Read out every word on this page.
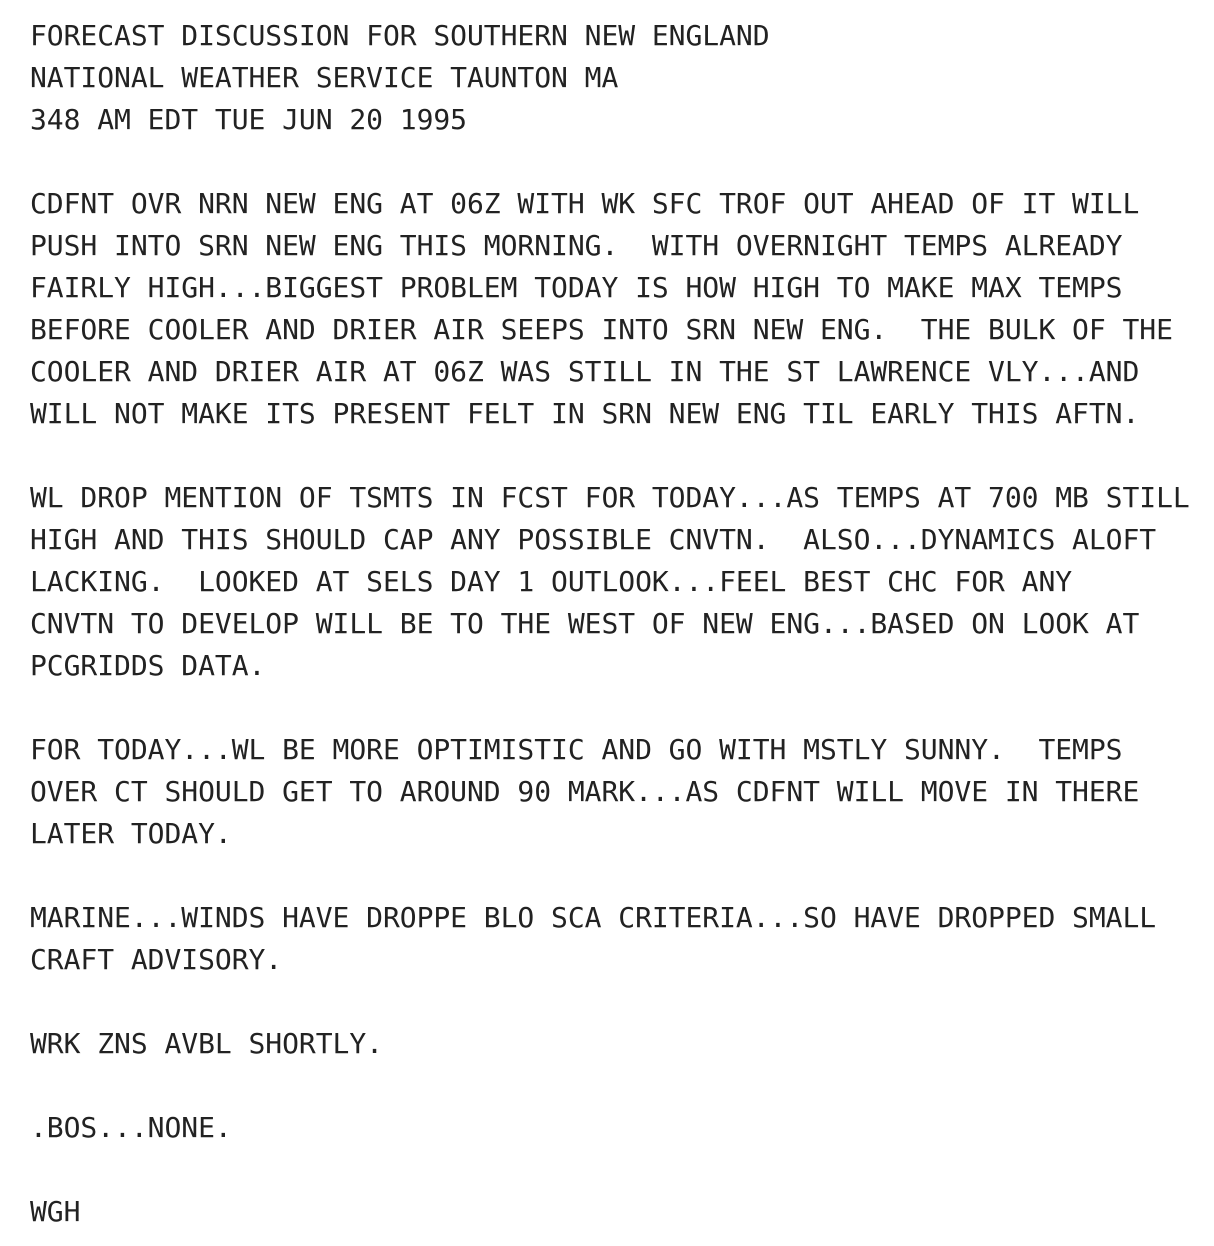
FORECAST DISCUSSION FOR SOUTHERN NEW ENGLAND
NATIONAL WEATHER SERVICE TAUNTON MA
348 AM EDT TUE JUN 20 1995
CDFNT OVR NRN NEW ENG AT 06Z WITH WK SFC TROF OUT AHEAD OF IT WILL
PUSH INTO SRN NEW ENG THIS MORNING.  WITH OVERNIGHT TEMPS ALREADY
FAIRLY HIGH...BIGGEST PROBLEM TODAY IS HOW HIGH TO MAKE MAX TEMPS
BEFORE COOLER AND DRIER AIR SEEPS INTO SRN NEW ENG.  THE BULK OF THE
COOLER AND DRIER AIR AT 06Z WAS STILL IN THE ST LAWRENCE VLY...AND
WILL NOT MAKE ITS PRESENT FELT IN SRN NEW ENG TIL EARLY THIS AFTN.
WL DROP MENTION OF TSMTS IN FCST FOR TODAY...AS TEMPS AT 700 MB STILL
HIGH AND THIS SHOULD CAP ANY POSSIBLE CNVTN.  ALSO...DYNAMICS ALOFT
LACKING.  LOOKED AT SELS DAY 1 OUTLOOK...FEEL BEST CHC FOR ANY
CNVTN TO DEVELOP WILL BE TO THE WEST OF NEW ENG...BASED ON LOOK AT
PCGRIDDS DATA.
FOR TODAY...WL BE MORE OPTIMISTIC AND GO WITH MSTLY SUNNY.  TEMPS
OVER CT SHOULD GET TO AROUND 90 MARK...AS CDFNT WILL MOVE IN THERE
LATER TODAY.
MARINE...WINDS HAVE DROPPE BLO SCA CRITERIA...SO HAVE DROPPED SMALL
CRAFT ADVISORY.
WRK ZNS AVBL SHORTLY.
.BOS...NONE.
WGH
